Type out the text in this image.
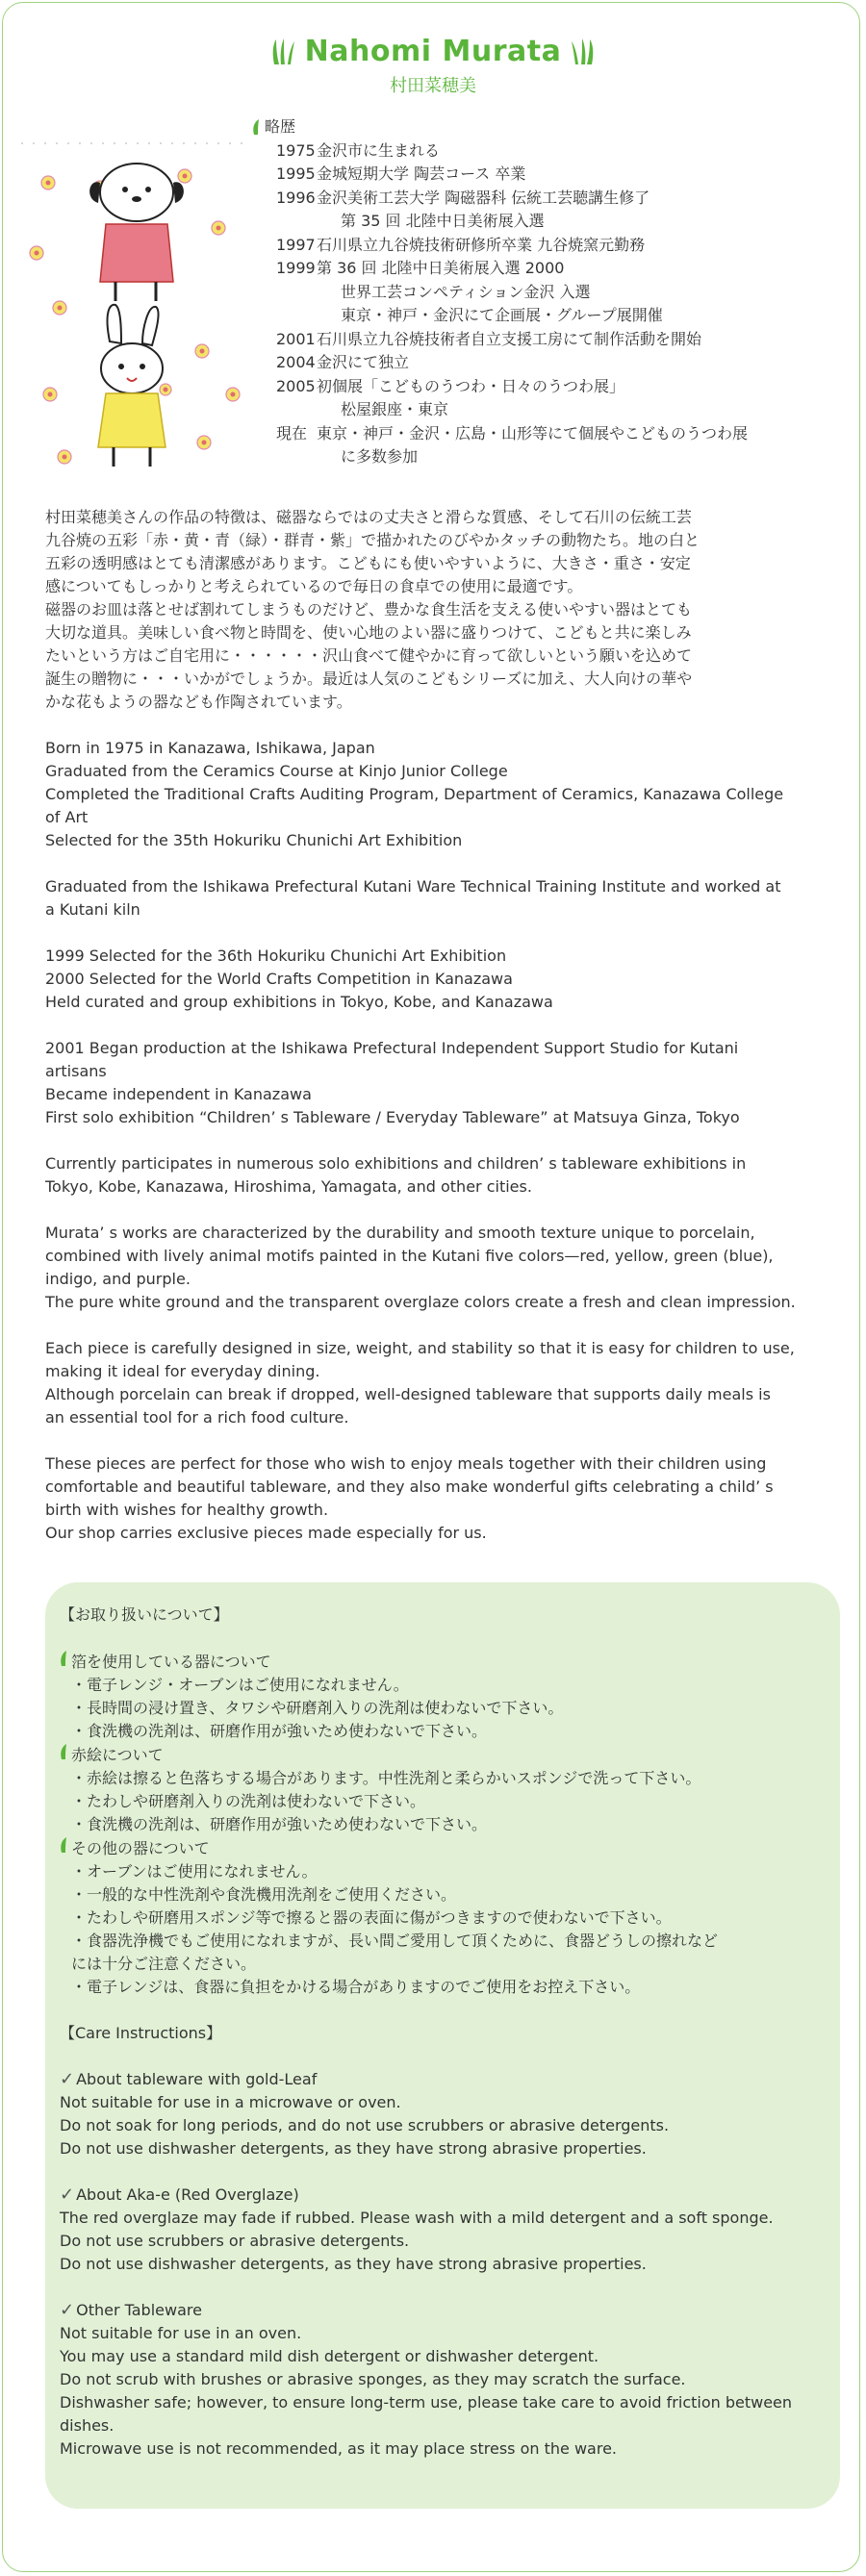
Nahomi Murata
村田菜穂美
略歴
1975 金沢市に生まれる
1995 金城短期大学 陶芸コース 卒業
1996 金沢美術工芸大学 陶磁器科 伝統工芸聴講生修了
第 35 回 北陸中日美術展入選
1997 石川県立九谷焼技術研修所卒業 九谷焼窯元勤務
1999 第 36 回 北陸中日美術展入選 2000
世界工芸コンペティション金沢 入選
東京・神戸・金沢にて企画展・グループ展開催
2001 石川県立九谷焼技術者自立支援工房にて制作活動を開始
2004 金沢にて独立
2005 初個展「こどものうつわ・日々のうつわ展」
松屋銀座・東京
現在 東京・神戸・金沢・広島・山形等にて個展やこどものうつわ展
に多数参加

村田菜穂美さんの作品の特徴は、磁器ならではの丈夫さと滑らな質感、そして石川の伝統工芸

九谷焼の五彩「赤・黄・青（緑）・群青・紫」で描かれたのびやかタッチの動物たち。地の白と

五彩の透明感はとても清潔感があります。こどもにも使いやすいように、大きさ・重さ・安定

感についてもしっかりと考えられているので毎日の食卓での使用に最適です。

磁器のお皿は落とせば割れてしまうものだけど、豊かな食生活を支える使いやすい器はとても

大切な道具。美味しい食べ物と時間を、使い心地のよい器に盛りつけて、こどもと共に楽しみ

たいという方はご自宅用に・・・・・・沢山食べて健やかに育って欲しいという願いを込めて

誕生の贈物に・・・いかがでしょうか。最近は人気のこどもシリーズに加え、大人向けの華や

かな花もようの器なども作陶されています。

Born in 1975 in Kanazawa, Ishikawa, Japan

Graduated from the Ceramics Course at Kinjo Junior College

Completed the Traditional Crafts Auditing Program, Department of Ceramics, Kanazawa College

of Art

Selected for the 35th Hokuriku Chunichi Art Exhibition

Graduated from the Ishikawa Prefectural Kutani Ware Technical Training Institute and worked at

a Kutani kiln

1999 Selected for the 36th Hokuriku Chunichi Art Exhibition

2000 Selected for the World Crafts Competition in Kanazawa

Held curated and group exhibitions in Tokyo, Kobe, and Kanazawa

2001 Began production at the Ishikawa Prefectural Independent Support Studio for Kutani

artisans

Became independent in Kanazawa

First solo exhibition “Children’ s Tableware / Everyday Tableware” at Matsuya Ginza, Tokyo

Currently participates in numerous solo exhibitions and children’ s tableware exhibitions in

Tokyo, Kobe, Kanazawa, Hiroshima, Yamagata, and other cities.

Murata’ s works are characterized by the durability and smooth texture unique to porcelain,

combined with lively animal motifs painted in the Kutani five colors—red, yellow, green (blue),

indigo, and purple.

The pure white ground and the transparent overglaze colors create a fresh and clean impression.

Each piece is carefully designed in size, weight, and stability so that it is easy for children to use,

making it ideal for everyday dining.

Although porcelain can break if dropped, well-designed tableware that supports daily meals is

an essential tool for a rich food culture.

These pieces are perfect for those who wish to enjoy meals together with their children using

comfortable and beautiful tableware, and they also make wonderful gifts celebrating a child’ s

birth with wishes for healthy growth.

Our shop carries exclusive pieces made especially for us.

【お取り扱いについて】
箔を使用している器について
・電子レンジ・オーブンはご使用になれません。
・長時間の浸け置き、タワシや研磨剤入りの洗剤は使わないで下さい。
・食洗機の洗剤は、研磨作用が強いため使わないで下さい。
赤絵について
・赤絵は擦ると色落ちする場合があります。中性洗剤と柔らかいスポンジで洗って下さい。
・たわしや研磨剤入りの洗剤は使わないで下さい。
・食洗機の洗剤は、研磨作用が強いため使わないで下さい。
その他の器について
・オーブンはご使用になれません。
・一般的な中性洗剤や食洗機用洗剤をご使用ください。
・たわしや研磨用スポンジ等で擦ると器の表面に傷がつきますので使わないで下さい。
・食器洗浄機でもご使用になれますが、長い間ご愛用して頂くために、食器どうしの擦れなど
には十分ご注意ください。
・電子レンジは、食器に負担をかける場合がありますのでご使用をお控え下さい。
【Care Instructions】
✓ About tableware with gold-Leaf
Not suitable for use in a microwave or oven.
Do not soak for long periods, and do not use scrubbers or abrasive detergents.
Do not use dishwasher detergents, as they have strong abrasive properties.
✓ About Aka-e (Red Overglaze)
The red overglaze may fade if rubbed. Please wash with a mild detergent and a soft sponge.
Do not use scrubbers or abrasive detergents.
Do not use dishwasher detergents, as they have strong abrasive properties.
✓ Other Tableware
Not suitable for use in an oven.
You may use a standard mild dish detergent or dishwasher detergent.
Do not scrub with brushes or abrasive sponges, as they may scratch the surface.
Dishwasher safe; however, to ensure long-term use, please take care to avoid friction between
dishes.
Microwave use is not recommended, as it may place stress on the ware.
